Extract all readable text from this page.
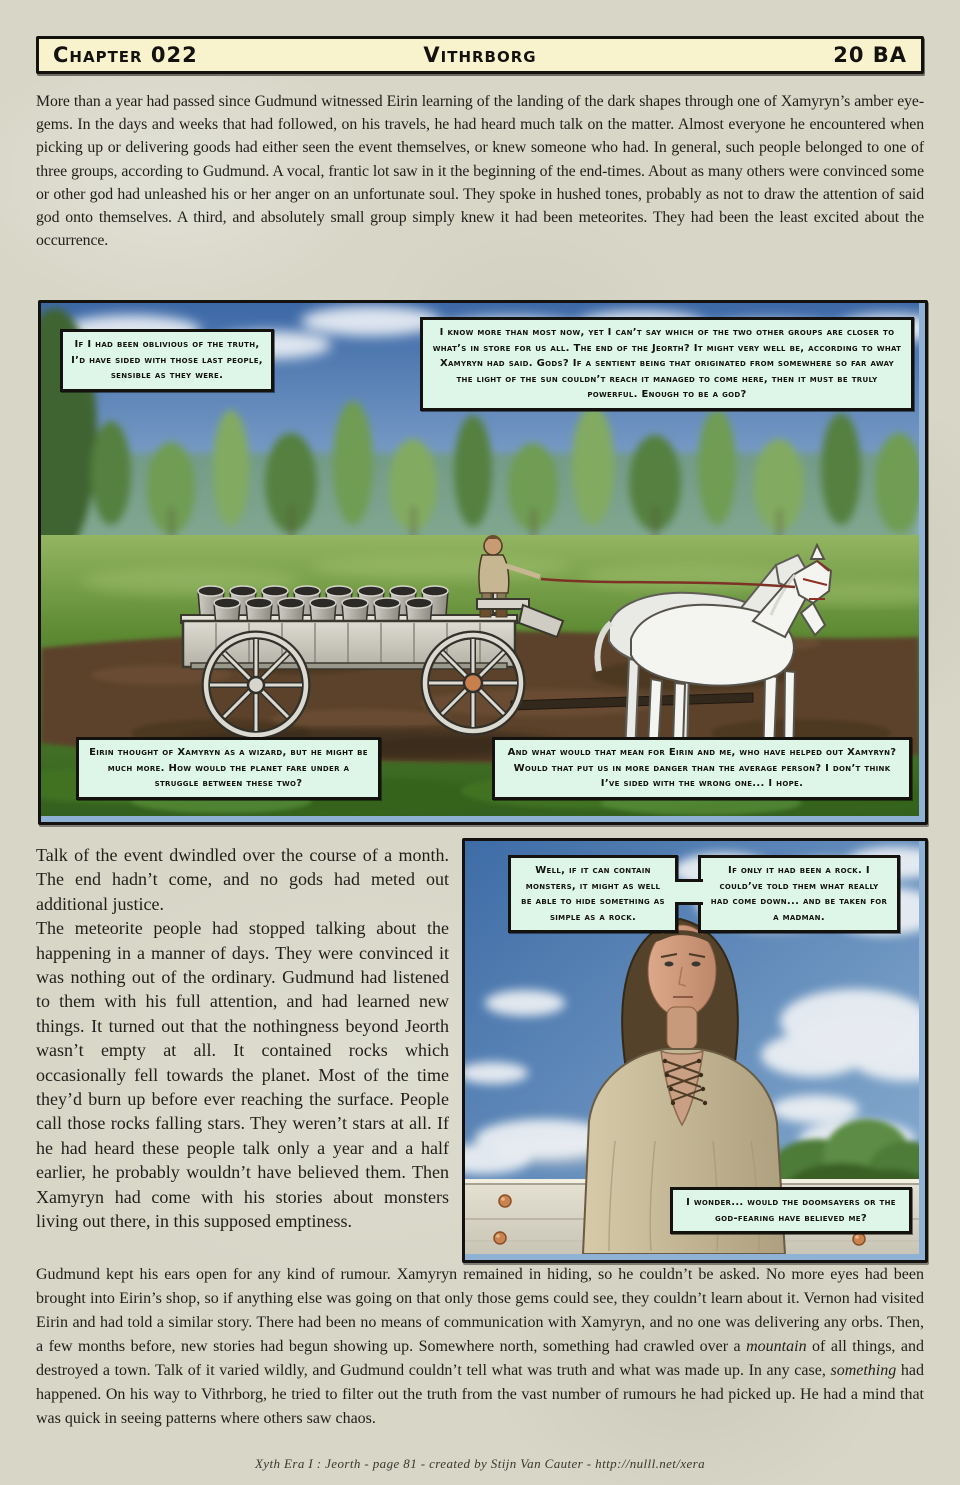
Chapter 022	Vithrborg	20 BA

More than a year had passed since Gudmund witnessed Eirin learning of the landing of the dark shapes through one of Xamyryn’s amber eye-gems. In the days and weeks that had followed, on his travels, he had heard much talk on the matter. Almost everyone he encountered when picking up or delivering goods had either seen the event themselves, or knew someone who had. In general, such people belonged to one of three groups, according to Gudmund. A vocal, frantic lot saw in it the beginning of the end-times. About as many others were convinced some or other god had unleashed his or her anger on an unfortunate soul. They spoke in hushed tones, probably as not to draw the attention of said god onto themselves. A third, and absolutely small group simply knew it had been meteorites. They had been the least excited about the occurrence.

If I had been oblivious of the truth, I’d have sided with those last people, sensible as they were.
I know more than most now, yet I can’t say which of the two other groups are closer to what’s in store for us all. The end of the Jeorth? It might very well be, according to what Xamyryn had said. Gods? If a sentient being that originated from somewhere so far away the light of the sun couldn’t reach it managed to come here, then it must be truly powerful. Enough to be a god?
Eirin thought of Xamyryn as a wizard, but he might be much more. How would the planet fare under a struggle between these two?
And what would that mean for Eirin and me, who have helped out Xamyryn? Would that put us in more danger than the average person? I don’t think I’ve sided with the wrong one... I hope.

Talk of the event dwindled over the course of a month. The end hadn’t come, and no gods had meted out additional justice.

The meteorite people had stopped talking about the happening in a manner of days. They were convinced it was nothing out of the ordinary. Gudmund had listened to them with his full attention, and had learned new things. It turned out that the nothingness beyond Jeorth wasn’t empty at all. It contained rocks which occasionally fell towards the planet. Most of the time they’d burn up before ever reaching the surface. People call those rocks falling stars. They weren’t stars at all. If he had heard these people talk only a year and a half earlier, he probably wouldn’t have believed them. Then Xamyryn had come with his stories about monsters living out there, in this supposed emptiness.

Well, if it can contain monsters, it might as well be able to hide something as simple as a rock.
If only it had been a rock. I could’ve told them what really had come down... and be taken for a madman.
I wonder... would the doomsayers or the god-fearing have believed me?

Gudmund kept his ears open for any kind of rumour. Xamyryn remained in hiding, so he couldn’t be asked. No more eyes had been brought into Eirin’s shop, so if anything else was going on that only those gems could see, they couldn’t learn about it. Vernon had visited Eirin and had told a similar story. There had been no means of communication with Xamyryn, and no one was delivering any orbs. Then, a few months before, new stories had begun showing up. Somewhere north, something had crawled over a mountain of all things, and destroyed a town. Talk of it varied wildly, and Gudmund couldn’t tell what was truth and what was made up. In any case, something had happened. On his way to Vithrborg, he tried to filter out the truth from the vast number of rumours he had picked up. He had a mind that was quick in seeing patterns where others saw chaos.

Xyth Era I : Jeorth - page 81 - created by Stijn Van Cauter - http://nulll.net/xera
